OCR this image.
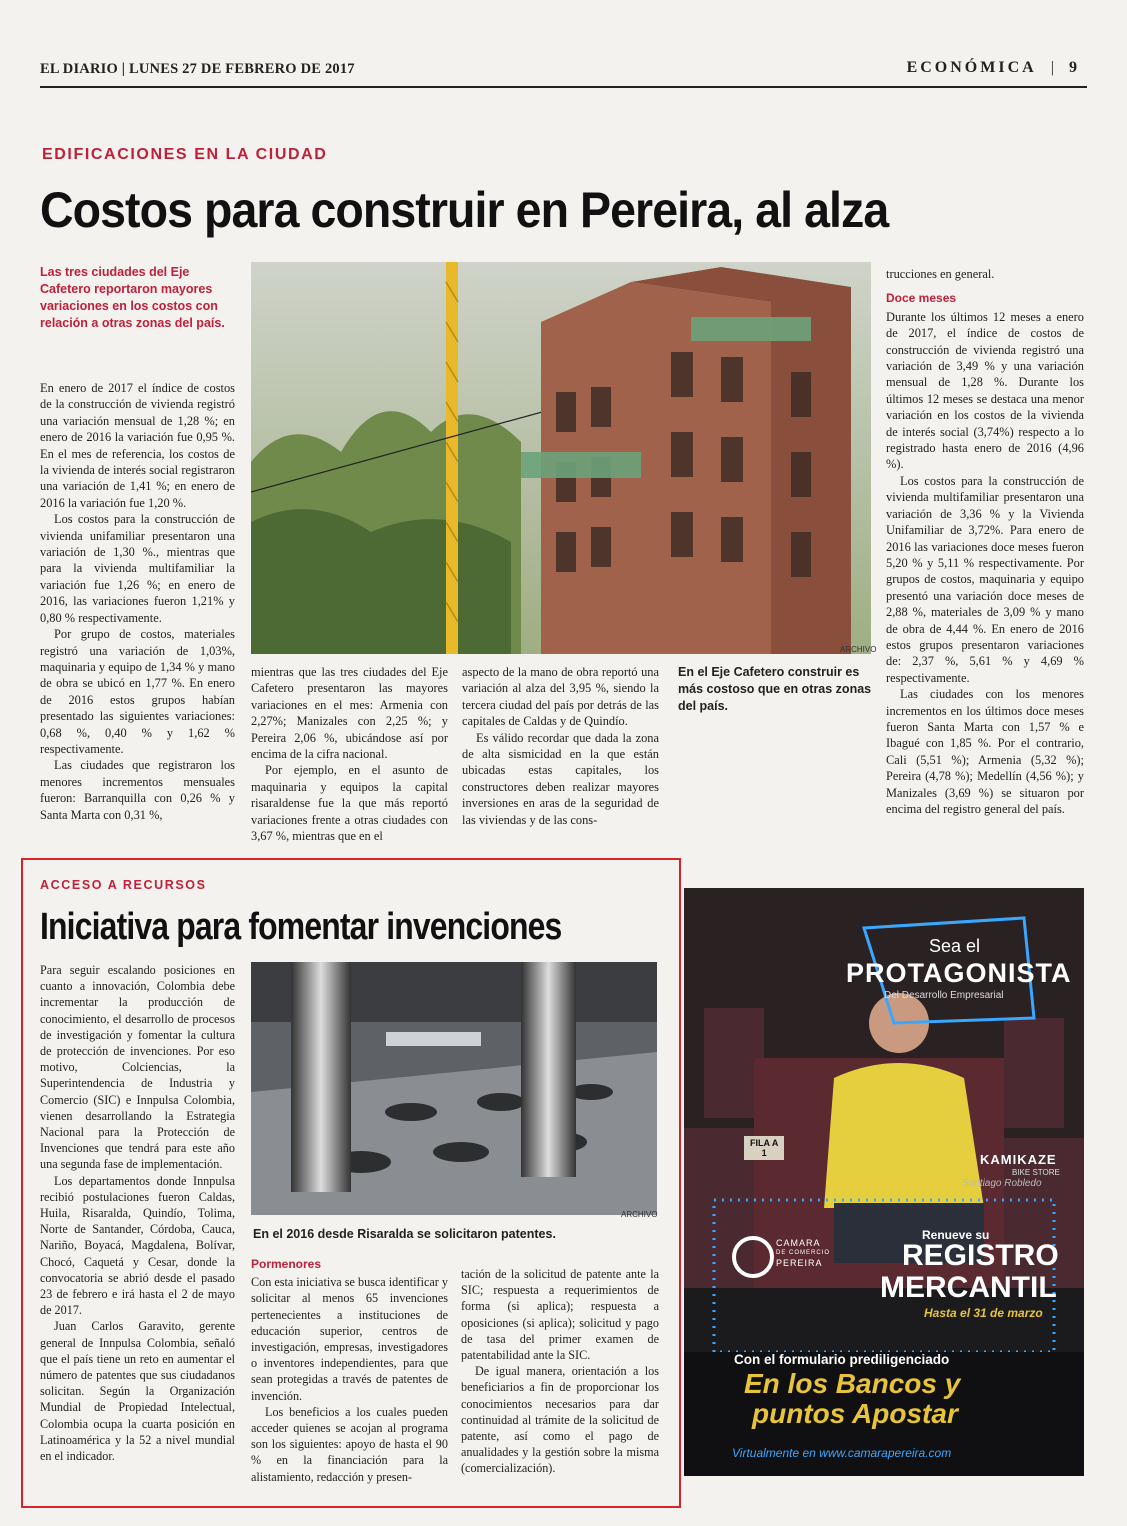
EL DIARIO | LUNES 27 DE FEBRERO DE 2017	ECONÓMICA | 9
EDIFICACIONES EN LA CIUDAD
Costos para construir en Pereira, al alza
Las tres ciudades del Eje Cafetero reportaron mayores variaciones en los costos con relación a otras zonas del país.
ARCHIVO
En el Eje Cafetero construir es más costoso que en otras zonas del país.

En enero de 2017 el índice de costos de la construcción de vivienda registró una variación mensual de 1,28 %; en enero de 2016 la variación fue 0,95 %. En el mes de referencia, los costos de la vivienda de interés social registraron una variación de 1,41 %; en enero de 2016 la variación fue 1,20 %.

Los costos para la construcción de vivienda unifamiliar presentaron una variación de 1,30 %., mientras que para la vivienda multifamiliar la variación fue 1,26 %; en enero de 2016, las variaciones fueron 1,21% y 0,80 % respectivamente.

Por grupo de costos, materiales registró una variación de 1,03%, maquinaria y equipo de 1,34 % y mano de obra se ubicó en 1,77 %. En enero de 2016 estos grupos habían presentado las siguientes variaciones: 0,68 %, 0,40 % y 1,62 % respectivamente.

Las ciudades que registraron los menores incrementos mensuales fueron: Barranquilla con 0,26 % y Santa Marta con 0,31 %,

mientras que las tres ciudades del Eje Cafetero presentaron las mayores variaciones en el mes: Armenia con 2,27%; Manizales con 2,25 %; y Pereira 2,06 %, ubicándose así por encima de la cifra nacional.

Por ejemplo, en el asunto de maquinaria y equipos la capital risaraldense fue la que más reportó variaciones frente a otras ciudades con 3,67 %, mientras que en el

aspecto de la mano de obra reportó una variación al alza del 3,95 %, siendo la tercera ciudad del país por detrás de las capitales de Caldas y de Quindío.

Es válido recordar que dada la zona de alta sismicidad en la que están ubicadas estas capitales, los constructores deben realizar mayores inversiones en aras de la seguridad de las viviendas y de las cons-

trucciones en general.

Doce meses

Durante los últimos 12 meses a enero de 2017, el índice de costos de construcción de vivienda registró una variación de 3,49 % y una variación mensual de 1,28 %. Durante los últimos 12 meses se destaca una menor variación en los costos de la vivienda de interés social (3,74%) respecto a lo registrado hasta enero de 2016 (4,96 %).

Los costos para la construcción de vivienda multifamiliar presentaron una variación de 3,36 % y la Vivienda Unifamiliar de 3,72%. Para enero de 2016 las variaciones doce meses fueron 5,20 % y 5,11 % respectivamente. Por grupos de costos, maquinaria y equipo presentó una variación doce meses de 2,88 %, materiales de 3,09 % y mano de obra de 4,44 %. En enero de 2016 estos grupos presentaron variaciones de: 2,37 %, 5,61 % y 4,69 % respectivamente.

Las ciudades con los menores incrementos en los últimos doce meses fueron Santa Marta con 1,57 % e Ibagué con 1,85 %. Por el contrario, Cali (5,51 %); Armenia (5,32 %); Pereira (4,78 %); Medellín (4,56 %); y Manizales (3,69 %) se situaron por encima del registro general del país.

ACCESO A RECURSOS
Iniciativa para fomentar invenciones

Para seguir escalando posiciones en cuanto a innovación, Colombia debe incrementar la producción de conocimiento, el desarrollo de procesos de investigación y fomentar la cultura de protección de invenciones. Por eso motivo, Colciencias, la Superintendencia de Industria y Comercio (SIC) e Innpulsa Colombia, vienen desarrollando la Estrategia Nacional para la Protección de Invenciones que tendrá para este año una segunda fase de implementación.

Los departamentos donde Innpulsa recibió postulaciones fueron Caldas, Huila, Risaralda, Quindío, Tolima, Norte de Santander, Córdoba, Cauca, Nariño, Boyacá, Magdalena, Bolívar, Chocó, Caquetá y Cesar, donde la convocatoria se abrió desde el pasado 23 de febrero e irá hasta el 2 de mayo de 2017.

Juan Carlos Garavito, gerente general de Innpulsa Colombia, señaló que el país tiene un reto en aumentar el número de patentes que sus ciudadanos solicitan. Según la Organización Mundial de Propiedad Intelectual, Colombia ocupa la cuarta posición en Latinoamérica y la 52 a nivel mundial en el indicador.

ARCHIVO
En el 2016 desde Risaralda se solicitaron patentes.
Pormenores

Con esta iniciativa se busca identificar y solicitar al menos 65 invenciones pertenecientes a instituciones de educación superior, centros de investigación, empresas, investigadores o inventores independientes, para que sean protegidas a través de patentes de invención.

Los beneficios a los cuales pueden acceder quienes se acojan al programa son los siguientes: apoyo de hasta el 90 % en la financiación para la alistamiento, redacción y presen-

tación de la solicitud de patente ante la SIC; respuesta a requerimientos de forma (si aplica); respuesta a oposiciones (si aplica); solicitud y pago de tasa del primer examen de patentabilidad ante la SIC.

De igual manera, orientación a los beneficiarios a fin de proporcionar los conocimientos necesarios para dar continuidad al trámite de la solicitud de patente, así como el pago de anualidades y la gestión sobre la misma (comercialización).

Sea el
PROTAGONISTA
Del Desarrollo Empresarial
FILA A
1	KAMIKAZE
BIKE STORE
Santiago Robledo
CAMARA
DE COMERCIO
PEREIRA
Renueve su
REGISTRO
MERCANTIL
Hasta el 31 de marzo
Con el formulario prediligenciado
En los Bancos y
puntos Apostar
Virtualmente en www.camarapereira.com
